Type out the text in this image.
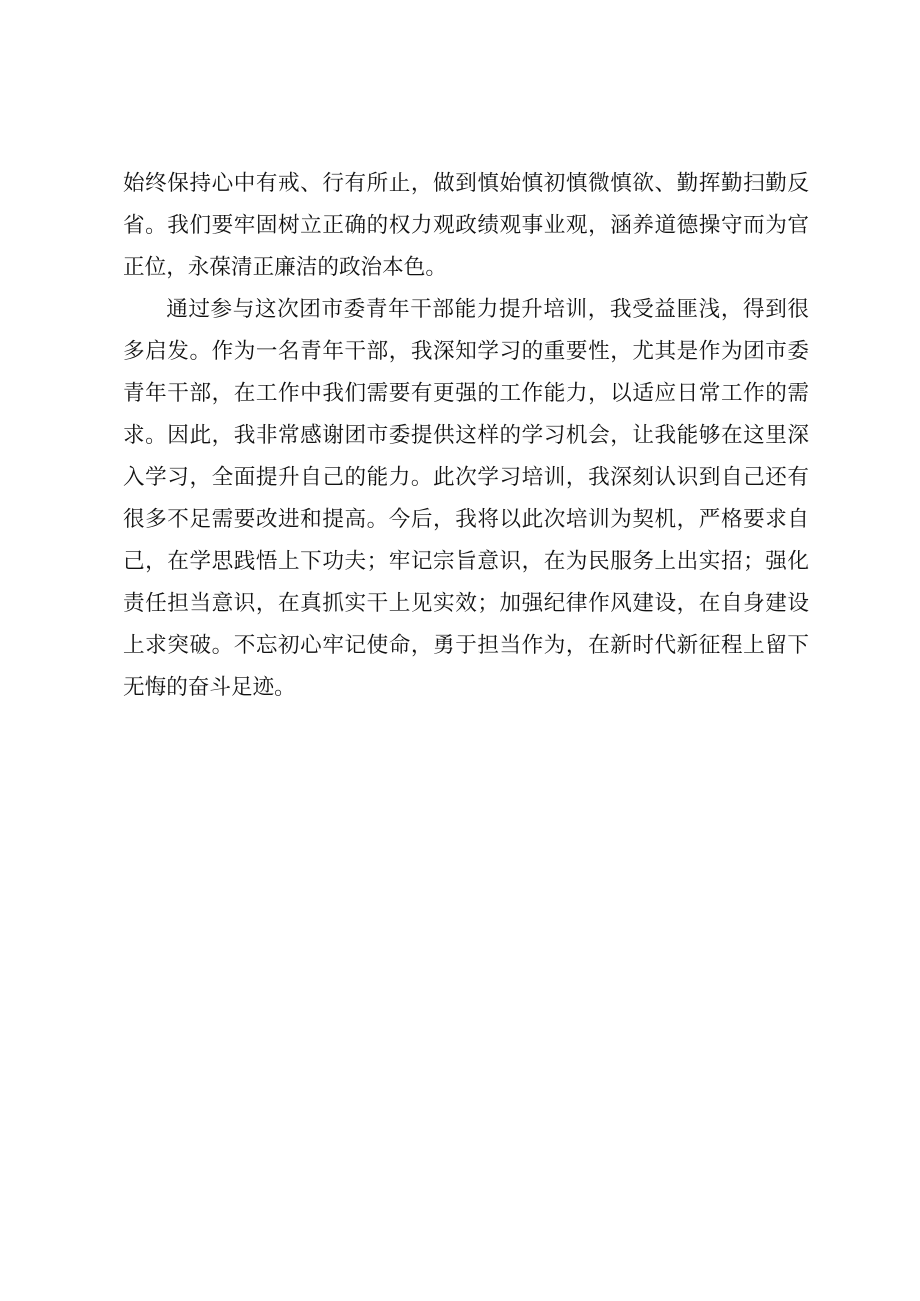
始终保持心中有戒、行有所止，做到慎始慎初慎微慎欲、勤挥勤扫勤反省。我们要牢固树立正确的权力观政绩观事业观，涵养道德操守而为官正位，永葆清正廉洁的政治本色。

通过参与这次团市委青年干部能力提升培训，我受益匪浅，得到很多启发。作为一名青年干部，我深知学习的重要性，尤其是作为团市委青年干部，在工作中我们需要有更强的工作能力，以适应日常工作的需求。因此，我非常感谢团市委提供这样的学习机会，让我能够在这里深入学习，全面提升自己的能力。此次学习培训，我深刻认识到自己还有很多不足需要改进和提高。今后，我将以此次培训为契机，严格要求自己，在学思践悟上下功夫；牢记宗旨意识，在为民服务上出实招；强化责任担当意识，在真抓实干上见实效；加强纪律作风建设，在自身建设上求突破。不忘初心牢记使命，勇于担当作为，在新时代新征程上留下无悔的奋斗足迹。
